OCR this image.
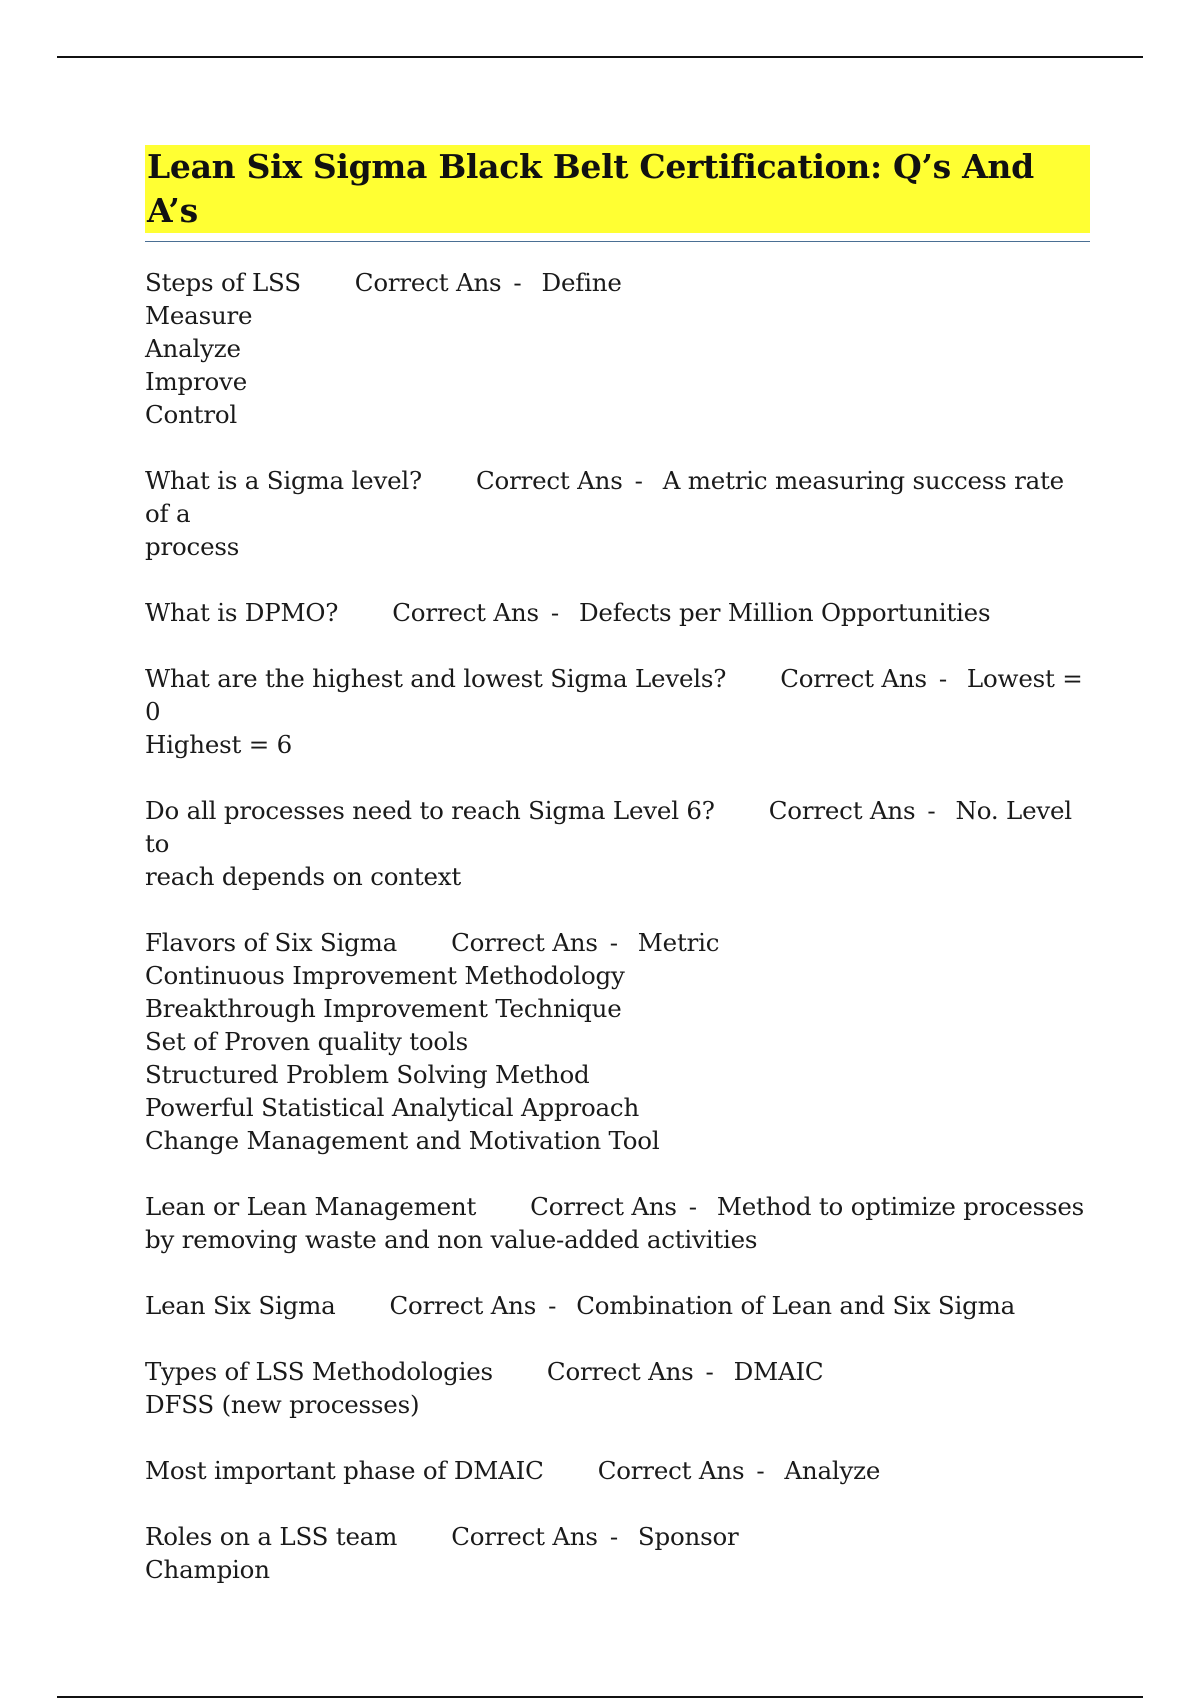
Lean Six Sigma Black Belt Certification: Q’s And A’s
Steps of LSS Correct Ans - Define
Measure
Analyze
Improve
Control
What is a Sigma level? Correct Ans - A metric measuring success rate of a
process
What is DPMO? Correct Ans - Defects per Million Opportunities
What are the highest and lowest Sigma Levels? Correct Ans - Lowest = 0
Highest = 6
Do all processes need to reach Sigma Level 6? Correct Ans - No. Level to
reach depends on context
Flavors of Six Sigma Correct Ans - Metric
Continuous Improvement Methodology
Breakthrough Improvement Technique
Set of Proven quality tools
Structured Problem Solving Method
Powerful Statistical Analytical Approach
Change Management and Motivation Tool
Lean or Lean Management Correct Ans - Method to optimize processes
by removing waste and non value-added activities
Lean Six Sigma Correct Ans - Combination of Lean and Six Sigma
Types of LSS Methodologies Correct Ans - DMAIC
DFSS (new processes)
Most important phase of DMAIC Correct Ans - Analyze
Roles on a LSS team Correct Ans - Sponsor
Champion
